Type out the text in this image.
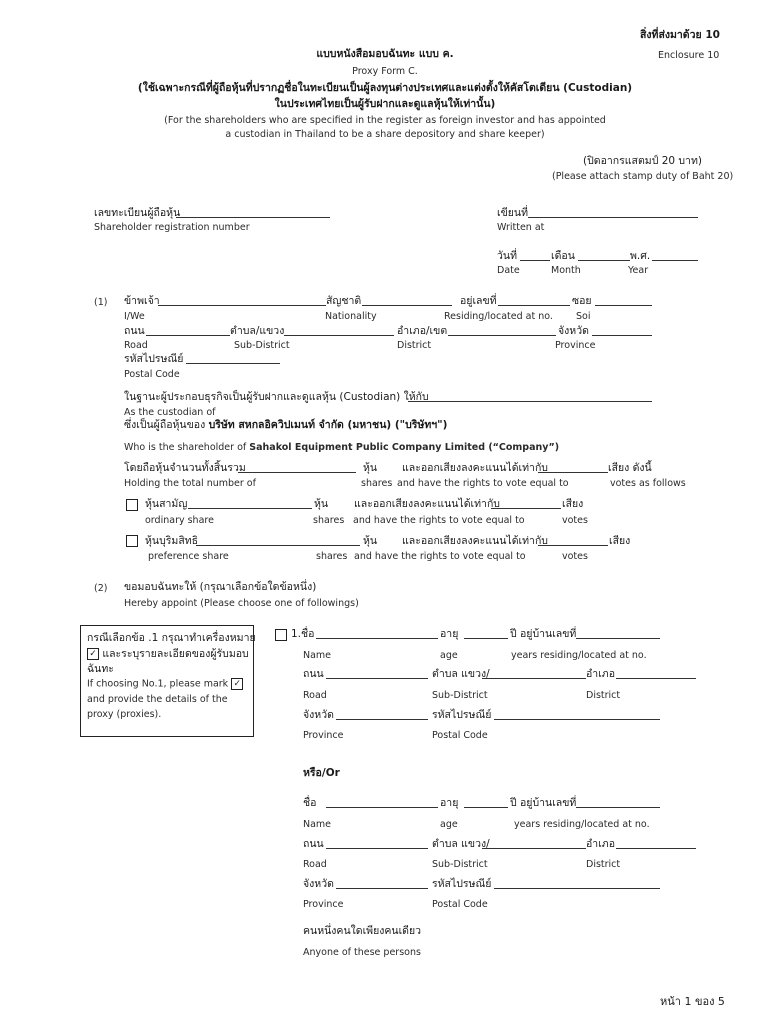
สิ่งที่ส่งมาด้วย 10
Enclosure 10
แบบหนังสือมอบฉันทะ แบบ ค.
Proxy Form C.
(ใช้เฉพาะกรณีที่ผู้ถือหุ้นที่ปรากฏชื่อในทะเบียนเป็นผู้ลงทุนต่างประเทศและแต่งตั้งให้คัสโตเดียน (Custodian)
ในประเทศไทยเป็นผู้รับฝากและดูแลหุ้นให้เท่านั้น)
(For the shareholders who are specified in the register as foreign investor and has appointed
a custodian in Thailand to be a share depository and share keeper)
(ปิดอากรแสตมป์ 20 บาท)
(Please attach stamp duty of Baht 20)
เลขทะเบียนผู้ถือหุ้น
Shareholder registration number
เขียนที่
Written at
วันที่	เดือน	พ.ศ.
Date	Month	Year
(1) ข้าพเจ้า	สัญชาติ	อยู่เลขที่	ซอย
I/We	Nationality	Residing/located at no. Soi
ถนน	ตำบล/แขวง	อำเภอ/เขต	จังหวัด
Road	Sub-District	District	Province
รหัสไปรษณีย์
Postal Code
ในฐานะผู้ประกอบธุรกิจเป็นผู้รับฝากและดูแลหุ้น (Custodian) ให้กับ
As the custodian of
ซึ่งเป็นผู้ถือหุ้นของ บริษัท สหกลอิควิปเมนท์ จำกัด (มหาชน) ("บริษัทฯ")
Who is the shareholder of Sahakol Equipment Public Company Limited (“Company”)
โดยถือหุ้นจำนวนทั้งสิ้นรวม	หุ้น และออกเสียงลงคะแนนได้เท่ากับ	เสียง ดังนี้
Holding the total number of	shares and have the rights to vote equal to	votes as follows
หุ้นสามัญ	หุ้น และออกเสียงลงคะแนนได้เท่ากับ	เสียง
ordinary share	shares and have the rights to vote equal to	votes
หุ้นบุริมสิทธิ	หุ้น และออกเสียงลงคะแนนได้เท่ากับ	เสียง
preference share	shares and have the rights to vote equal to	votes
(2) ขอมอบฉันทะให้ (กรุณาเลือกข้อใดข้อหนึ่ง)
Hereby appoint (Please choose one of followings)
กรณีเลือกข้อ .1 กรุณาทำเครื่องหมาย
✓ และระบุรายละเอียดของผู้รับมอบ
ฉันทะ
If choosing No.1, please mark ✓
and provide the details of the
proxy (proxies).
1.ชื่อ	อายุ	ปี อยู่บ้านเลขที่
Name	age	years residing/located at no.
ถนน	ตำบล แขวง/	อำเภอ
Road	Sub-District	District
จังหวัด	รหัสไปรษณีย์
Province	Postal Code
หรือ/Or
ชื่อ	อายุ	ปี อยู่บ้านเลขที่
Name	age	years residing/located at no.
ถนน	ตำบล แขวง/	อำเภอ
Road	Sub-District	District
จังหวัด	รหัสไปรษณีย์
Province	Postal Code
คนหนึ่งคนใดเพียงคนเดียว
Anyone of these persons
หน้า 1 ของ 5
